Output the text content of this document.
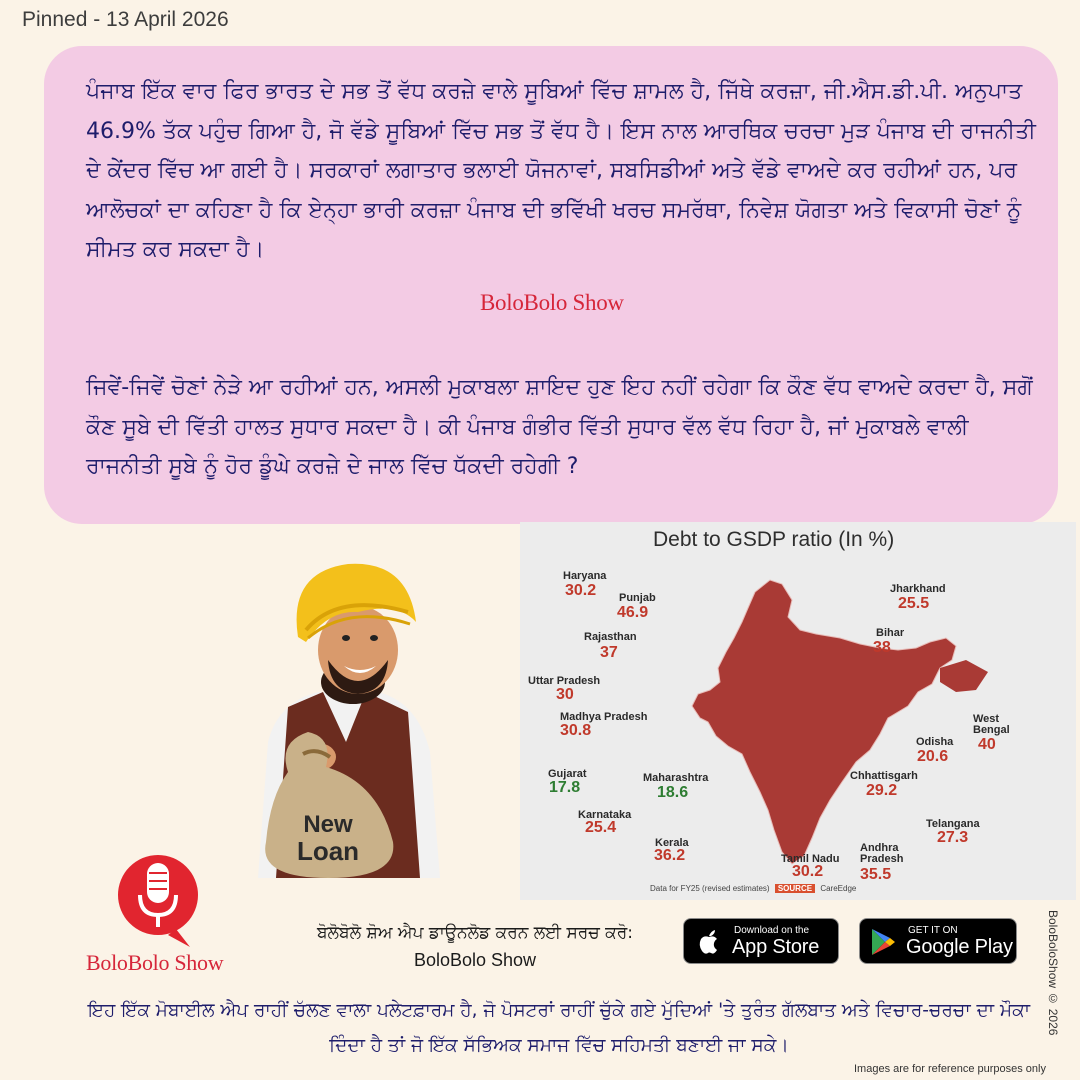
Pinned - 13 April 2026
ਪੰਜਾਬ ਇੱਕ ਵਾਰ ਫਿਰ ਭਾਰਤ ਦੇ ਸਭ ਤੋਂ ਵੱਧ ਕਰਜ਼ੇ ਵਾਲੇ ਸੂਬਿਆਂ ਵਿੱਚ ਸ਼ਾਮਲ ਹੈ, ਜਿੱਥੇ ਕਰਜ਼ਾ, ਜੀ.ਐਸ.ਡੀ.ਪੀ. ਅਨੁਪਾਤ 46.9% ਤੱਕ ਪਹੁੰਚ ਗਿਆ ਹੈ, ਜੋ ਵੱਡੇ ਸੂਬਿਆਂ ਵਿੱਚ ਸਭ ਤੋਂ ਵੱਧ ਹੈ। ਇਸ ਨਾਲ ਆਰਥਿਕ ਚਰਚਾ ਮੁੜ ਪੰਜਾਬ ਦੀ ਰਾਜਨੀਤੀ ਦੇ ਕੇਂਦਰ ਵਿੱਚ ਆ ਗਈ ਹੈ। ਸਰਕਾਰਾਂ ਲਗਾਤਾਰ ਭਲਾਈ ਯੋਜਨਾਵਾਂ, ਸਬਸਿਡੀਆਂ ਅਤੇ ਵੱਡੇ ਵਾਅਦੇ ਕਰ ਰਹੀਆਂ ਹਨ, ਪਰ ਆਲੋਚਕਾਂ ਦਾ ਕਹਿਣਾ ਹੈ ਕਿ ਏਨ੍ਹਾ ਭਾਰੀ ਕਰਜ਼ਾ ਪੰਜਾਬ ਦੀ ਭਵਿੱਖੀ ਖਰਚ ਸਮਰੱਥਾ, ਨਿਵੇਸ਼ ਯੋਗਤਾ ਅਤੇ ਵਿਕਾਸੀ ਚੋਣਾਂ ਨੂੰ ਸੀਮਤ ਕਰ ਸਕਦਾ ਹੈ।
BoloBolo Show
ਜਿਵੇਂ-ਜਿਵੇਂ ਚੋਣਾਂ ਨੇੜੇ ਆ ਰਹੀਆਂ ਹਨ, ਅਸਲੀ ਮੁਕਾਬਲਾ ਸ਼ਾਇਦ ਹੁਣ ਇਹ ਨਹੀਂ ਰਹੇਗਾ ਕਿ ਕੌਣ ਵੱਧ ਵਾਅਦੇ ਕਰਦਾ ਹੈ, ਸਗੋਂ ਕੌਣ ਸੂਬੇ ਦੀ ਵਿੱਤੀ ਹਾਲਤ ਸੁਧਾਰ ਸਕਦਾ ਹੈ। ਕੀ ਪੰਜਾਬ ਗੰਭੀਰ ਵਿੱਤੀ ਸੁਧਾਰ ਵੱਲ ਵੱਧ ਰਿਹਾ ਹੈ, ਜਾਂ ਮੁਕਾਬਲੇ ਵਾਲੀ ਰਾਜਨੀਤੀ ਸੂਬੇ ਨੂੰ ਹੋਰ ਡੂੰਘੇ ਕਰਜ਼ੇ ਦੇ ਜਾਲ ਵਿੱਚ ਧੱਕਦੀ ਰਹੇਗੀ ?
New
Loan
Debt to GSDP ratio (In %)
Haryana
30.2 Punjab
46.9
Rajasthan
37
Uttar Pradesh
30
Madhya Pradesh
30.8
Gujarat
17.8
Maharashtra
18.6
Karnataka
25.4
Kerala
36.2	Tamil Nadu
30.2
Andhra
Pradesh
35.5
Telangana
27.3
Chhattisgarh
29.2
Odisha
20.6
West
Bengal
40
Bihar
38
Jharkhand
25.5
Data for FY25 (revised estimates) SOURCE CareEdge
BoloBolo Show
ਬੋਲੋਬੋਲੋ ਸ਼ੋਅ ਐਪ ਡਾਊਨਲੋਡ ਕਰਨ ਲਈ ਸਰਚ ਕਰੋ:
BoloBolo Show
Download on the
App Store
GET IT ON
Google Play
ਇਹ ਇੱਕ ਮੋਬਾਈਲ ਐਪ ਰਾਹੀਂ ਚੱਲਣ ਵਾਲਾ ਪਲੇਟਫ਼ਾਰਮ ਹੈ, ਜੋ ਪੋਸਟਰਾਂ ਰਾਹੀਂ ਚੁੱਕੇ ਗਏ ਮੁੱਦਿਆਂ 'ਤੇ ਤੁਰੰਤ ਗੱਲਬਾਤ ਅਤੇ ਵਿਚਾਰ-ਚਰਚਾ ਦਾ ਮੌਕਾ ਦਿੰਦਾ ਹੈ ਤਾਂ ਜੋ ਇੱਕ ਸੱਭਿਅਕ ਸਮਾਜ ਵਿੱਚ ਸਹਿਮਤੀ ਬਣਾਈ ਜਾ ਸਕੇ।
BoloBoloShow © 2026
Images are for reference purposes only
